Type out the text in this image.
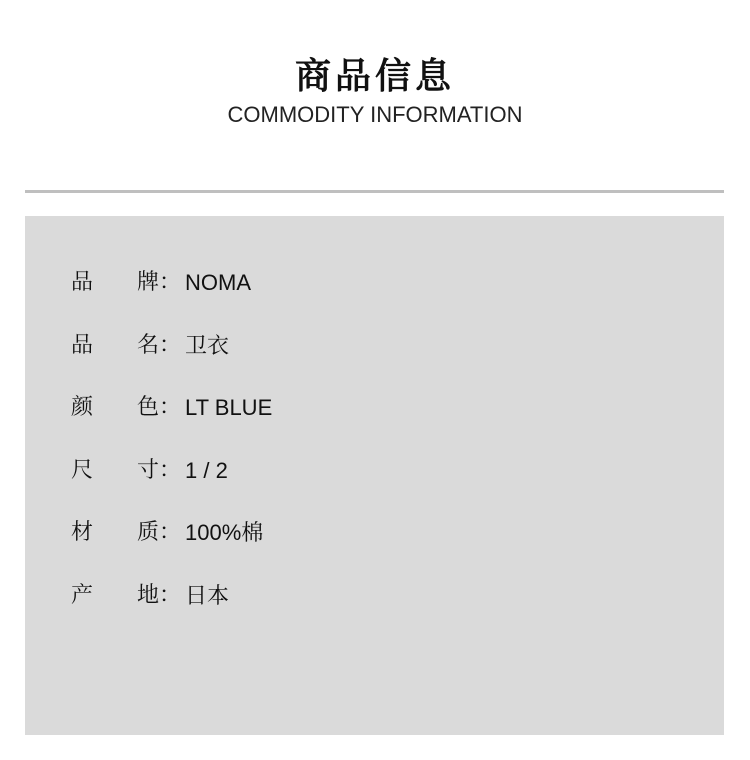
商品信息
COMMODITY INFORMATION
品	牌 ： NOMA
品	名 ： 卫衣
颜	色 ： LT BLUE
尺	寸 ： 1 / 2
材	质 ： 100%棉
产	地 ： 日本
